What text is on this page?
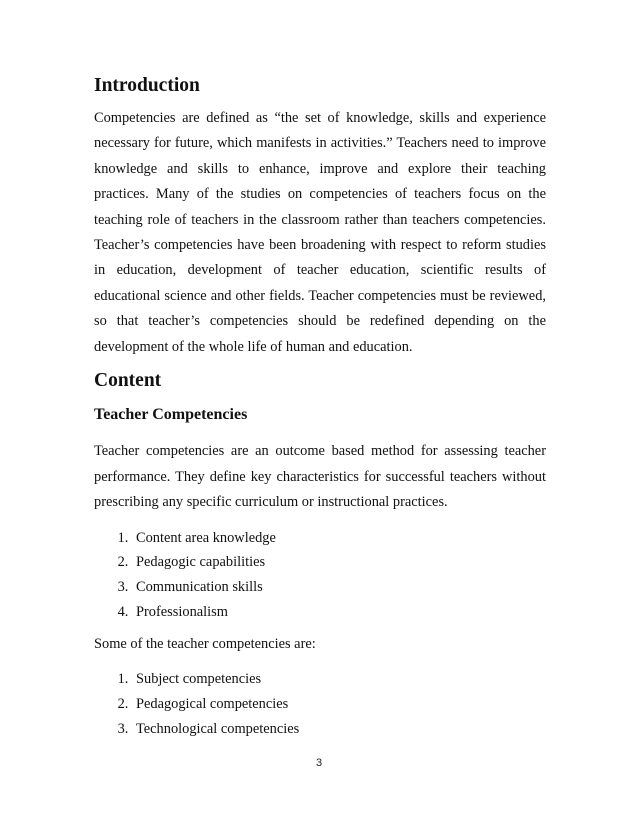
Introduction

Competencies are defined as “the set of knowledge, skills and experience necessary for future, which manifests in activities.” Teachers need to improve knowledge and skills to enhance, improve and explore their teaching practices. Many of the studies on competencies of teachers focus on the teaching role of teachers in the classroom rather than teachers competencies. Teacher’s competencies have been broadening with respect to reform studies in education, development of teacher education, scientific results of educational science and other fields. Teacher competencies must be reviewed, so that teacher’s competencies should be redefined depending on the development of the whole life of human and education.

Content
Teacher Competencies

Teacher competencies are an outcome based method for assessing teacher performance. They define key characteristics for successful teachers without prescribing any specific curriculum or instructional practices.

1. Content area knowledge
2. Pedagogic capabilities
3. Communication skills
4. Professionalism

Some of the teacher competencies are:

1. Subject competencies
2. Pedagogical competencies
3. Technological competencies
3
